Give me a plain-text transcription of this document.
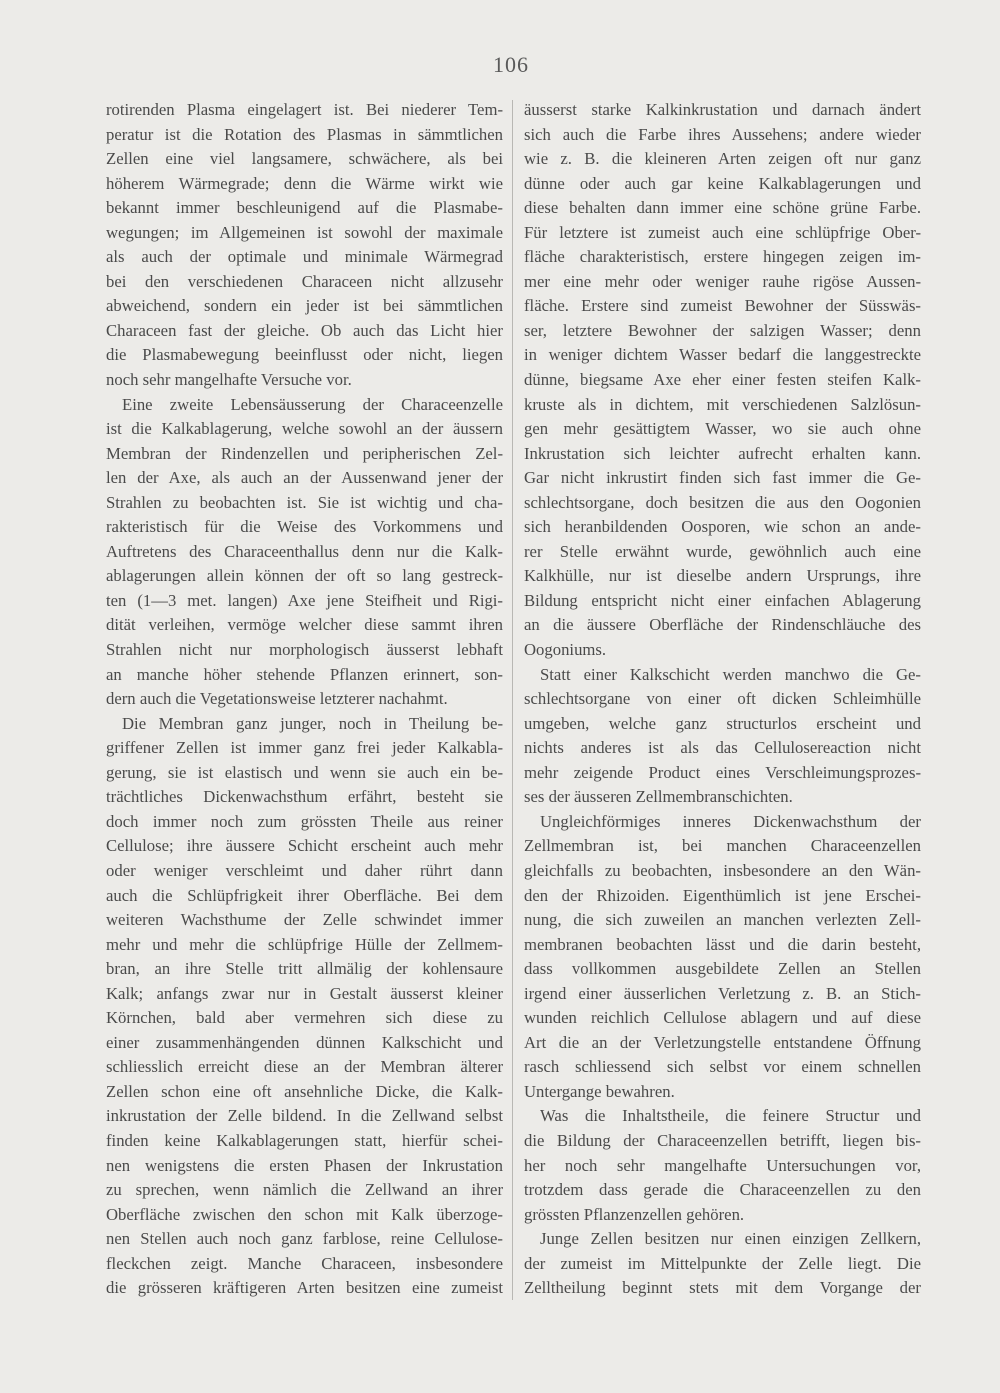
106
rotirenden Plasma eingelagert ist. Bei niederer Tem-
peratur ist die Rotation des Plasmas in sämmtlichen
Zellen eine viel langsamere, schwächere, als bei
höherem Wärmegrade; denn die Wärme wirkt wie
bekannt immer beschleunigend auf die Plasmabe-
wegungen; im Allgemeinen ist sowohl der maximale
als auch der optimale und minimale Wärmegrad
bei den verschiedenen Characeen nicht allzusehr
abweichend, sondern ein jeder ist bei sämmtlichen
Characeen fast der gleiche. Ob auch das Licht hier
die Plasmabewegung beeinflusst oder nicht, liegen
noch sehr mangelhafte Versuche vor.
Eine zweite Lebensäusserung der Characeenzelle
ist die Kalkablagerung, welche sowohl an der äussern
Membran der Rindenzellen und peripherischen Zel-
len der Axe, als auch an der Aussenwand jener der
Strahlen zu beobachten ist. Sie ist wichtig und cha-
rakteristisch für die Weise des Vorkommens und
Auftretens des Characeenthallus denn nur die Kalk-
ablagerungen allein können der oft so lang gestreck-
ten (1—3 met. langen) Axe jene Steifheit und Rigi-
dität verleihen, vermöge welcher diese sammt ihren
Strahlen nicht nur morphologisch äusserst lebhaft
an manche höher stehende Pflanzen erinnert, son-
dern auch die Vegetationsweise letzterer nachahmt.
Die Membran ganz junger, noch in Theilung be-
griffener Zellen ist immer ganz frei jeder Kalkabla-
gerung, sie ist elastisch und wenn sie auch ein be-
trächtliches Dickenwachsthum erfährt, besteht sie
doch immer noch zum grössten Theile aus reiner
Cellulose; ihre äussere Schicht erscheint auch mehr
oder weniger verschleimt und daher rührt dann
auch die Schlüpfrigkeit ihrer Oberfläche. Bei dem
weiteren Wachsthume der Zelle schwindet immer
mehr und mehr die schlüpfrige Hülle der Zellmem-
bran, an ihre Stelle tritt allmälig der kohlensaure
Kalk; anfangs zwar nur in Gestalt äusserst kleiner
Körnchen, bald aber vermehren sich diese zu
einer zusammenhängenden dünnen Kalkschicht und
schliesslich erreicht diese an der Membran älterer
Zellen schon eine oft ansehnliche Dicke, die Kalk-
inkrustation der Zelle bildend. In die Zellwand selbst
finden keine Kalkablagerungen statt, hierfür schei-
nen wenigstens die ersten Phasen der Inkrustation
zu sprechen, wenn nämlich die Zellwand an ihrer
Oberfläche zwischen den schon mit Kalk überzoge-
nen Stellen auch noch ganz farblose, reine Cellulose-
fleckchen zeigt. Manche Characeen, insbesondere
die grösseren kräftigeren Arten besitzen eine zumeist
äusserst starke Kalkinkrustation und darnach ändert
sich auch die Farbe ihres Aussehens; andere wieder
wie z. B. die kleineren Arten zeigen oft nur ganz
dünne oder auch gar keine Kalkablagerungen und
diese behalten dann immer eine schöne grüne Farbe.
Für letztere ist zumeist auch eine schlüpfrige Ober-
fläche charakteristisch, erstere hingegen zeigen im-
mer eine mehr oder weniger rauhe rigöse Aussen-
fläche. Erstere sind zumeist Bewohner der Süsswäs-
ser, letztere Bewohner der salzigen Wasser; denn
in weniger dichtem Wasser bedarf die langgestreckte
dünne, biegsame Axe eher einer festen steifen Kalk-
kruste als in dichtem, mit verschiedenen Salzlösun-
gen mehr gesättigtem Wasser, wo sie auch ohne
Inkrustation sich leichter aufrecht erhalten kann.
Gar nicht inkrustirt finden sich fast immer die Ge-
schlechtsorgane, doch besitzen die aus den Oogonien
sich heranbildenden Oosporen, wie schon an ande-
rer Stelle erwähnt wurde, gewöhnlich auch eine
Kalkhülle, nur ist dieselbe andern Ursprungs, ihre
Bildung entspricht nicht einer einfachen Ablagerung
an die äussere Oberfläche der Rindenschläuche des
Oogoniums.
Statt einer Kalkschicht werden manchwo die Ge-
schlechtsorgane von einer oft dicken Schleimhülle
umgeben, welche ganz structurlos erscheint und
nichts anderes ist als das Cellulosereaction nicht
mehr zeigende Product eines Verschleimungsprozes-
ses der äusseren Zellmembranschichten.
Ungleichförmiges inneres Dickenwachsthum der
Zellmembran ist, bei manchen Characeenzellen
gleichfalls zu beobachten, insbesondere an den Wän-
den der Rhizoiden. Eigenthümlich ist jene Erschei-
nung, die sich zuweilen an manchen verlezten Zell-
membranen beobachten lässt und die darin besteht,
dass vollkommen ausgebildete Zellen an Stellen
irgend einer äusserlichen Verletzung z. B. an Stich-
wunden reichlich Cellulose ablagern und auf diese
Art die an der Verletzungstelle entstandene Öffnung
rasch schliessend sich selbst vor einem schnellen
Untergange bewahren.
Was die Inhaltstheile, die feinere Structur und
die Bildung der Characeenzellen betrifft, liegen bis-
her noch sehr mangelhafte Untersuchungen vor,
trotzdem dass gerade die Characeenzellen zu den
grössten Pflanzenzellen gehören.
Junge Zellen besitzen nur einen einzigen Zellkern,
der zumeist im Mittelpunkte der Zelle liegt. Die
Zelltheilung beginnt stets mit dem Vorgange der
